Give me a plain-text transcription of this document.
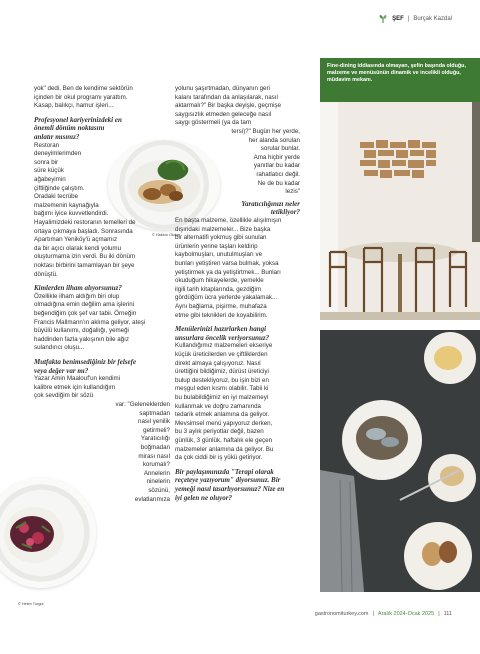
ŞEF | Burçak Kazdal
© Haldun Okdaş
© Helen Turgut
Fine-dining iddiasında olmayan, şefin başında olduğu, malzeme ve menüsünün dinamik ve incelikli olduğu, müdavim mekanı.
gastronomiturkey.com | Aralık 2024-Ocak 2025 | 111
yok" dedi. Ben de kendime sektörün
içinden bir okul programı yarattım.
Kasap, balıkçı, hamur işleri...
Profesyonel kariyerinizdeki en
önemli dönüm noktasını
anlatır mısınız?
Restoran
deneyimlerimden
sonra bir
süre küçük
ağabeyimin
çiftliğinde çalıştım.
Oradaki tecrübe
malzemenin kaynağıyla
bağımı iyice kuvvetlendirdi.
Hayalimizdeki restoranın temelleri de
ortaya çıkmaya başladı. Sonrasında
Apartıman Yeniköy'ü açmamız
da bir açıcı olarak kendi yolumu
oluşturmama izin verdi. Bu iki dönüm
noktası birbirini tamamlayan bir şeye
dönüştü.
Kimlerden ilham alıyorsunuz?
Özellikle ilham aldığım biri olup
olmadığına emin değilim ama işlerini
beğendiğim çok şef var tabii. Örneğin
Francis Mallmann'ın aklıma geliyor, ateşi
büyülü kullanımı, doğallığı, yemeği
haddinden fazla yakışının bile ağız
sulandırıcı oluşu...
Mutfakta benimsediğiniz bir felsefe
veya değer var mı?
Yazar Amin Maalouf'un kendimi
kalibre etmek için kullandığım
çok sevdiğim bir sözü
var: "Geleneklerden
saptmadan
nasıl yenilik
getirmeli?
Yaratıcılığı
boğmadan
mirası nasıl
korumalı?
Annelerin
ninelerin
sözünü,
evlatlarımıza
yolunu şaşırtmadan, dünyanın geri
kalanı tarafından da anlaşılarak, nasıl
aktarmalı?" Bir başka deyişle, geçmişe
saygısızlık etmeden geleceğe nasıl
saygı gösterme​li (ya da tam
tersi)?" Bugün her yerde,
her alanda sorulan
sorular bunlar.
Ama hiçbir yerde
yanıtlar bu kadar
rahatlatıcı değil.
Ne de bu kadar
lezis"
Yaratıcılığınızı neler
tetikliyor?
En başta malzeme, özellikle alışılmışın
dışındaki malzemeler... Bize başka
bir alternatifi yokmuş gibi sunulan
ürünlerin yerine taşları keldirip
kaybolmuşları, unutulmuşları ve
bunları yetiştiren varsa bulmak, yoksa
yetiştirmek ya da yetiştirtmek... Bunları
okuduğum hikayelerde, yemekle
ilgili tarih kitaplarında, gezdiğim
gördüğüm ücra yerlerde yakalamak...
Aynı bağlama, pişirme, muhafaza
etme gibi teknikleri de koyabilirim.
Menülerinizi hazırlarken hangi
unsurlara öncelik veriyorsunuz?
Kullandığımız malzemeleri ekseriye
küçük üreticilerden ve çiftliklerden
direkt almaya çalışıyoruz. Nasıl
ürettiğini bildiğimiz, dürüst üreticiyi
bulup destekliyoruz, bu işin bizi en
meşgul eden kısmı olabilir. Tabii ki
bu bulabildiğimiz en iyi malzemeyi
kullanmak ve doğru zamanında
tedarik etmek anlamına da geliyor.
Mevsimsel menü yapıyoruz derken,
bu 3 aylık periyotlar değil, bazen
günlük, 3 günlük, haftalık ele geçen
malzemeler anlamına da geliyor. Bu
da çok ciddi bir iş yükü getiriyor.
Bir paylaşımınızda "Terapi olarak
reçeteye yazıyorum" diyorsunuz. Bir
yemeği nasıl tasarlıyorsunuz? Nize en
iyi gelen ne oluyor?
